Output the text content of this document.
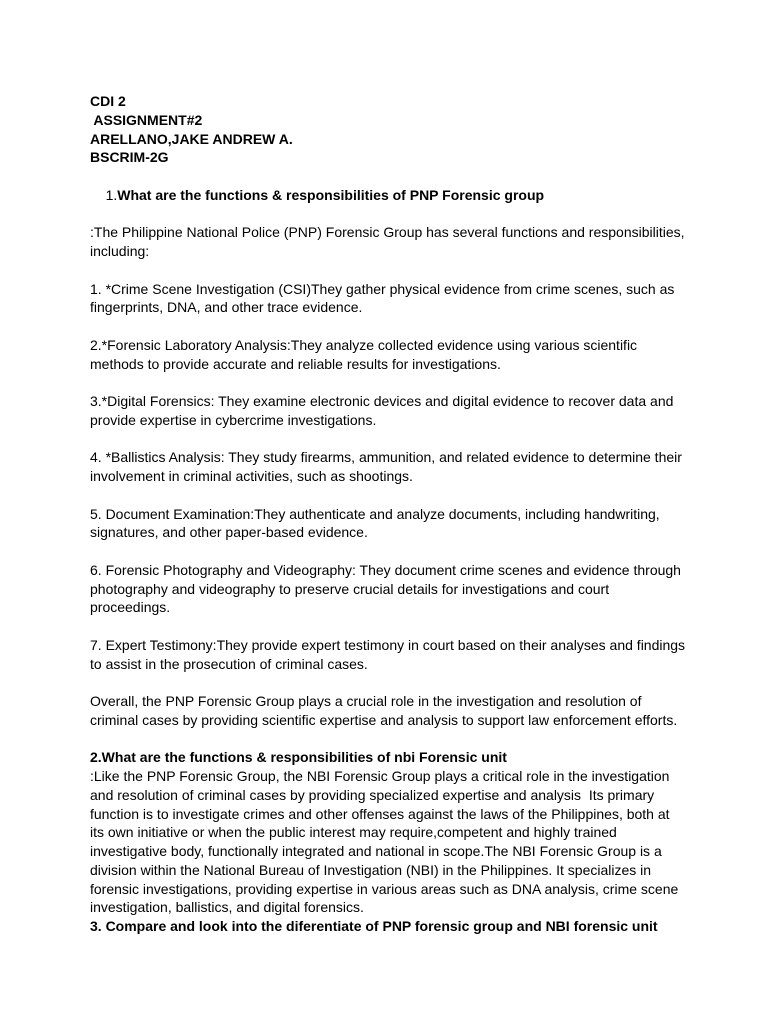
CDI 2
ASSIGNMENT#2
ARELLANO,JAKE ANDREW A.
BSCRIM-2G

1.What are the functions & responsibilities of PNP Forensic group

:The Philippine National Police (PNP) Forensic Group has several functions and responsibilities,
including:
1. *Crime Scene Investigation (CSI)They gather physical evidence from crime scenes, such as
fingerprints, DNA, and other trace evidence.
2.*Forensic Laboratory Analysis:They analyze collected evidence using various scientific
methods to provide accurate and reliable results for investigations.
3.*Digital Forensics: They examine electronic devices and digital evidence to recover data and
provide expertise in cybercrime investigations.
4. *Ballistics Analysis: They study firearms, ammunition, and related evidence to determine their
involvement in criminal activities, such as shootings.
5. Document Examination:They authenticate and analyze documents, including handwriting,
signatures, and other paper-based evidence.
6. Forensic Photography and Videography: They document crime scenes and evidence through
photography and videography to preserve crucial details for investigations and court
proceedings.
7. Expert Testimony:They provide expert testimony in court based on their analyses and findings
to assist in the prosecution of criminal cases.
Overall, the PNP Forensic Group plays a crucial role in the investigation and resolution of
criminal cases by providing scientific expertise and analysis to support law enforcement efforts.
2.What are the functions & responsibilities of nbi Forensic unit
:Like the PNP Forensic Group, the NBI Forensic Group plays a critical role in the investigation
and resolution of criminal cases by providing specialized expertise and analysis  Its primary
function is to investigate crimes and other offenses against the laws of the Philippines, both at
its own initiative or when the public interest may require,competent and highly trained
investigative body, functionally integrated and national in scope.The NBI Forensic Group is a
division within the National Bureau of Investigation (NBI) in the Philippines. It specializes in
forensic investigations, providing expertise in various areas such as DNA analysis, crime scene
investigation, ballistics, and digital forensics.
3. Compare and look into the diferentiate of PNP forensic group and NBI forensic unit
